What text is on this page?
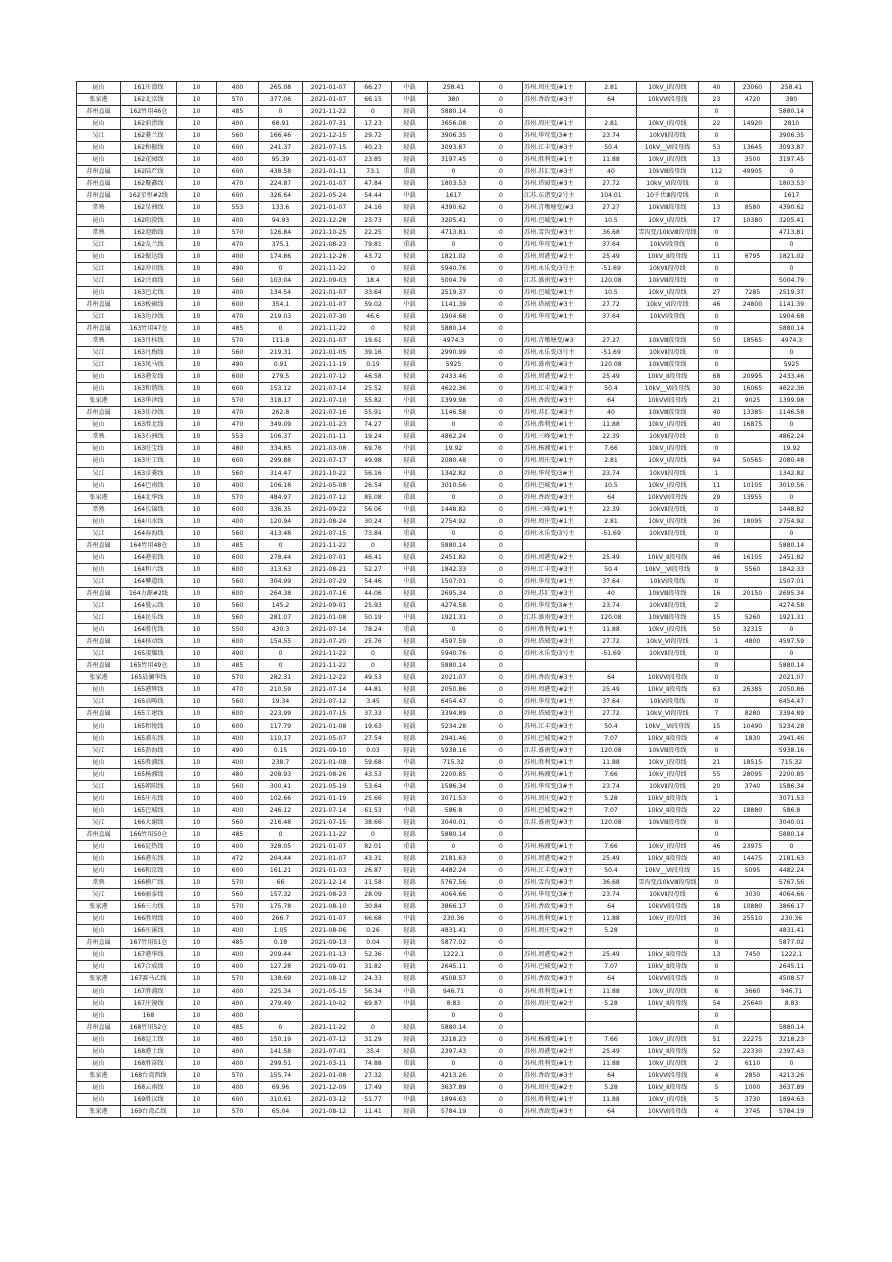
昆山	161庄滑线	10	400	265.08	2021-01-07	66.27	中载	258.41	0	苏州.周庄变/#1主	2.81	10kV_Ⅰ段母线	40	23060	258.41
张家港	162北京线	10	570	377.06	2021-01-07	66.15	中载	380	0	苏州.香政变/#3主	64	10kVⅥ段母线	23	4720	380
苏州直属	162竹用46仓	10	485	0	2021-11-22	0	轻载	5880.14	0				0		5880.14
昆山	162前涝线	10	400	68.91	2021-07-31	17.23	轻载	3656.08	0	苏州.周庄变/#1主	2.81	10kV_Ⅰ段母线	22	14920	2810
吴江	162菱兰线	10	560	166.46	2021-12-15	29.72	轻载	3906.35	0	苏州.华莺变/3#主	23.74	10kVⅡ段母线	0		3906.35
昆山	162和振线	10	600	241.37	2021-07-15	40.23	轻载	3093.87	0	苏州.江丰变/#3主	50.4	10kV__Ⅵ段母线	53	13645	3093.87
昆山	162花园线	10	400	95.39	2021-01-07	23.85	轻载	3197.45	0	苏州.胜利变/#1主	11.88	10kV_Ⅰ段母线	13	3500	3197.45
苏州直属	162陆严线	10	600	438.58	2021-01-11	73.1	重载	0	0	苏州.苏汇变/#3主	40	10kVⅢ段母线	112	49905	0
苏州直属	162聚鑫线	10	470	224.87	2021-01-07	47.84	轻载	1803.53	0	苏州.塔园变/#3主	27.72	10kV_Ⅵ段母线	0		1803.53
苏州直属	162星恒#2线	10	600	326.64	2021-05-24	54.44	中载	1617	0	江苏.东诸变/2号主	104.01	10千伏Ⅲ段母线	0		1617
常熟	162星洲线	10	553	133.6	2021-01-07	24.16	轻载	4390.62	0	苏州.青墩塘变/#3	27.27	10kVⅢ段母线	13	8580	4390.62
昆山	162阳澄线	10	400	94.93	2021-12-28	23.73	轻载	3205.41	0	苏州.巴城变/#1主	10.5	10kV_Ⅰ段母线	17	10380	3205.41
常熟	162迎路线	10	570	126.84	2021-10-25	22.25	轻载	4713.81	0	苏州.雪沟变/#3主	36.68	雪沟变/10kVⅢ段母线	0		4713.81
吴江	162友兰线	10	470	375.1	2021-08-23	79.81	重载	0	0	苏州.华莺变/#1主	37.64	10kVⅠ段母线	0		0
昆山	162振达线	10	400	174.86	2021-12-28	43.72	轻载	1821.02	0	苏州.周港变/#2主	25.49	10kV_Ⅱ段母线	11	6795	1821.02
吴江	162冲田线	10	490	0	2021-11-22	0	轻载	5940.76	0	苏州.永乐变/3号主	-51.69	10kVⅡ段母线	0		0
吴江	162兴商线	10	560	103.04	2021-09-03	18.4	轻载	5004.79	0	江苏.盛南变/#3主	120.08	10kVⅢ段母线	0		5004.79
昆山	163巴北线	10	400	134.54	2021-01-07	33.64	轻载	2519.37	0	苏州.巴城变/#1主	10.5	10kV_Ⅰ段母线	27	7285	2519.37
苏州直属	163板硕线	10	600	354.1	2021-01-07	59.02	中载	1141.39	0	苏州.塔园变/#3主	27.72	10kV_Ⅵ段母线	46	24800	1141.39
吴江	163达沙线	10	470	219.03	2021-07-30	46.6	轻载	1904.68	0	苏州.华莺变/#1主	37.64	10kVⅠ段母线	0		1904.68
苏州直属	163竹用47仓	10	485	0	2021-11-22	0	轻载	5880.14	0				0		5880.14
常熟	163丹桂线	10	570	111.8	2021-01-07	19.61	轻载	4974.3	0	苏州.青墩塘变/#3	27.27	10kVⅢ段母线	50	18565	4974.3
吴江	163凡梅线	10	560	219.31	2021-01-05	39.16	轻载	2990.99	0	苏州.永乐变/3号主	-51.69	10kVⅡ段母线	0		0
吴江	163凤马线	10	490	0.91	2021-11-19	0.19	轻载	5925	0	苏州.盛南变/#3主	120.08	10kVⅢ段母线	0		5925
昆山	163港安线	10	600	279.5	2021-07-12	46.58	轻载	2433.46	0	苏州.周港变/#2主	25.49	10kV_Ⅱ段母线	68	20995	2433.46
昆山	163和谐线	10	600	153.12	2021-07-14	25.52	轻载	4622.36	0	苏州.江丰变/#3主	50.4	10kV__Ⅵ段母线	30	16065	4622.36
张家港	163华泽线	10	570	318.17	2021-07-10	55.82	中载	1399.98	0	苏州.香政变/#3主	64	10kVⅥ段母线	21	9025	1399.98
苏州直属	163佳沙线	10	470	262.8	2021-07-16	55.91	中载	1146.58	0	苏州.苏汇变/#3主	40	10kVⅢ段母线	40	13385	1146.58
昆山	163胜北线	10	470	349.09	2021-01-23	74.27	重载	0	0	苏州.胜利变/#1主	11.88	10kV_Ⅰ段母线	40	16875	0
常熟	163石洲线	10	553	106.37	2021-01-11	19.24	轻载	4862.24	0	苏州.三峰变/#1主	22.39	10kVⅡ段母线	0		4862.24
昆山	163旺宝线	10	480	334.85	2021-03-08	69.76	中载	19.92	0	苏州.杨湘变/#1主	7.66	10kV_Ⅰ段母线	0		19.92
昆山	163庄工线	10	600	299.88	2021-07-17	49.98	轻载	2080.48	0	苏州.周庄变/#1主	2.81	10kV_Ⅰ段母线	94	50565	2080.48
吴江	163卓菱线	10	560	314.47	2021-10-22	56.16	中载	1342.82	0	苏州.华莺变/3#主	23.74	10kVⅡ段母线	1		1342.82
昆山	164巴南线	10	400	106.18	2021-05-08	26.54	轻载	3010.56	0	苏州.巴城变/#1主	10.5	10kV_Ⅰ段母线	11	10105	3010.56
张家港	164北华线	10	570	484.97	2021-07-12	85.08	重载	0	0	苏州.香政变/#3主	64	10kVⅥ段母线	29	13955	0
常熟	164长锦线	10	600	336.35	2021-09-22	56.06	中载	1448.82	0	苏州.三峰变/#1主	22.39	10kVⅡ段母线	0		1448.82
昆山	164川水线	10	400	120.94	2021-08-24	30.24	轻载	2754.92	0	苏州.周庄变/#1主	2.81	10kV_Ⅰ段母线	36	18095	2754.92
吴江	164春海线	10	560	413.48	2021-07-15	73.84	重载	0	0	苏州.永乐变/3号主	-51.69	10kVⅡ段母线	0		0
苏州直属	164竹用48仓	10	485	0	2021-11-22	0	轻载	5880.14	0				0		5880.14
昆山	164港宏线	10	600	278.44	2021-07-01	46.41	轻载	2451.82	0	苏州.周港变/#2主	25.49	10kV_Ⅱ段母线	46	16105	2451.82
昆山	164和六线	10	600	313.63	2021-08-21	52.27	中载	1842.33	0	苏州.江丰变/#3主	50.4	10kV__Ⅵ段母线	9	5560	1842.33
吴江	164攀道线	10	560	304.99	2021-07-29	54.46	中载	1507.01	0	苏州.华莺变/#1主	37.64	10kVⅠ段母线	0		1507.01
苏州直属	164力源#2线	10	600	264.38	2021-07-16	44.06	轻载	2695.34	0	苏州.苏汇变/#3主	40	10kVⅢ段母线	16	20150	2695.34
吴江	164曼云线	10	560	145.2	2021-09-01	25.93	轻载	4274.58	0	苏州.华莺变/3#主	23.74	10kVⅡ段母线	2		4274.58
吴江	164民乐线	10	560	281.07	2021-01-08	50.19	中载	1921.31	0	江苏.盛南变/#3主	120.08	10kVⅢ段母线	15	5260	1921.31
昆山	164胜优线	10	550	430.3	2021-07-14	78.24	重载	0	0	苏州.胜利变/#1主	11.88	10kV_Ⅰ段母线	50	32315	0
苏州直属	164移动线	10	600	154.55	2021-07-20	25.76	轻载	4597.59	0	苏州.塔园变/#3主	27.72	10kV_Ⅵ段母线	1	4800	4597.59
吴江	165凌耀线	10	490	0	2021-11-22	0	轻载	5940.76	0	苏州.永乐变/3号主	-51.69	10kVⅡ段母线	0		0
苏州直属	165竹用49仓	10	485	0	2021-11-22	0	轻载	5880.14	0				0		5880.14
张家港	165晨澜华线	10	570	282.31	2021-12-22	49.53	轻载	2021.07	0	苏州.香政变/#3主	64	10kVⅥ段母线	0		2021.07
昆山	165港辉线	10	470	210.59	2021-07-14	44.81	轻载	2050.86	0	苏州.周港变/#2主	25.49	10kV_Ⅱ段母线	63	26385	2050.86
吴江	165高畴线	10	560	19.34	2021-07-12	3.45	轻载	6454.47	0	苏州.华莺变/#1主	37.64	10kVⅠ段母线	0		6454.47
苏州直属	165工建线	10	600	223.99	2021-07-15	37.33	轻载	3394.89	0	苏州.塔园变/#3主	27.72	10kV_Ⅵ段母线	7	8280	3394.89
昆山	165和悦线	10	600	117.79	2021-01-08	19.63	轻载	5234.28	0	苏州.江丰变/#3主	50.4	10kV__Ⅵ段母线	15	10490	5234.28
昆山	165浦东线	10	400	110.17	2021-05-07	27.54	轻载	2941.46	0	苏州.巴城变/#2主	7.07	10kV_Ⅱ段母线	4	1830	2941.46
吴江	165沥海线	10	490	0.15	2021-09-10	0.03	轻载	5938.16	0	江苏.盛南变/#3主	120.08	10kVⅢ段母线	0		5938.16
昆山	165胜浦线	10	400	238.7	2021-01-08	59.68	中载	715.32	0	苏州.胜利变/#1主	11.88	10kV_Ⅰ段母线	21	18515	715.32
昆山	165杨湘线	10	480	208.93	2021-08-26	43.53	轻载	2200.85	0	苏州.杨湘变/#1主	7.66	10kV_Ⅰ段母线	55	28095	2200.85
吴江	165朝阳线	10	560	300.41	2021-05-19	53.64	中载	1586.34	0	苏州.华莺变/3#主	23.74	10kVⅡ段母线	20	3740	1586.34
昆山	165庄东线	10	400	102.66	2021-01-19	25.66	轻载	3071.53	0	苏州.周庄变/#2主	5.28	10kV_Ⅱ段母线	1		3071.53
昆山	165巴城线	10	400	246.12	2021-07-14	61.53	中载	586.8	0	苏州.巴城变/#2主	7.07	10kV_Ⅱ段母线	22	18880	586.8
吴江	166大谢线	10	560	216.48	2021-07-15	38.66	轻载	3040.01	0	江苏.盛南变/#3主	120.08	10kVⅢ段母线	0		3040.01
苏州直属	166竹用50仓	10	485	0	2021-11-22	0	轻载	5880.14	0				0		5880.14
昆山	166淀热线	10	400	328.05	2021-01-07	82.01	重载	0	0	苏州.杨湘变/#1主	7.66	10kV_Ⅰ段母线	46	23975	0
昆山	166港东线	10	472	204.44	2021-01-07	43.31	轻载	2181.63	0	苏州.周港变/#2主	25.49	10kV_Ⅱ段母线	40	14475	2181.63
昆山	166和京线	10	600	161.21	2021-01-03	26.87	轻载	4482.24	0	苏州.江丰变/#3主	50.4	10kV__Ⅵ段母线	15	5095	4482.24
常熟	166横广线	10	570	66	2021-12-14	11.58	轻载	5767.56	0	苏州.雪沟变/#3主	36.68	雪沟变/10kVⅢ段母线	0		5767.56
吴江	166丽泰线	10	560	157.32	2021-08-23	28.09	轻载	4064.66	0	苏州.华莺变/3#主	23.74	10kVⅡ段母线	6	3030	4064.66
张家港	166三力线	10	570	175.78	2021-08-10	30.84	轻载	3866.17	0	苏州.香政变/#3主	64	10kVⅥ段母线	18	10880	3866.17
昆山	166胜周线	10	400	266.7	2021-01-07	66.68	中载	230.36	0	苏州.胜利变/#1主	11.88	10kV_Ⅰ段母线	36	25510	230.36
昆山	166庄溪线	10	400	1.05	2021-08-06	0.26	轻载	4831.41	0	苏州.周庄变/#2主	5.28		0		4831.41
苏州直属	167竹用51仓	10	485	0.18	2021-09-13	0.04	轻载	5877.02	0				0		5877.02
昆山	167港华线	10	400	209.44	2021-01-13	52.36	中载	1222.1	0	苏州.周港变/#2主	25.49	10kV_Ⅱ段母线	13	7450	1222.1
昆山	167合成线	10	400	127.28	2021-09-01	31.82	轻载	2645.11	0	苏州.巴城变/#2主	7.07	10kV_Ⅱ段母线	0		2645.11
张家港	167赛马乙线	10	570	138.69	2021-08-12	24.33	轻载	4508.57	0	苏州.香政变/#3主	64	10kVⅥ段母线	0		4508.57
昆山	167胜浦线	10	400	225.34	2021-05-15	56.34	中载	946.71	0	苏州.胜利变/#1主	11.88	10kV_Ⅰ段母线	6	3660	946.71
昆山	167庄镜线	10	400	279.49	2021-10-02	69.87	中载	8.83	0	苏州.周庄变/#2主	5.28	10kV_Ⅱ段母线	54	25640	8.83
昆山	168	10	400					0	0				0		
苏州直属	168竹用52仓	10	485	0	2021-11-22	0	轻载	5880.14	0				0		5880.14
昆山	168淀工线	10	480	150.19	2021-07-12	31.29	轻载	3218.23	0	苏州.杨湘变/#1主	7.66	10kV_Ⅰ段母线	51	22275	3218.23
昆山	168港士线	10	400	141.58	2021-07-01	35.4	轻载	2397.43	0	苏州.周港变/#2主	25.49	10kV_Ⅱ段母线	52	22330	2397.43
昆山	168胜奋线	10	400	299.51	2021-03-11	74.88	重载	0	0	苏州.胜利变/#1主	11.88	10kV_Ⅰ段母线	2	6110	0
张家港	168台湾西线	10	570	155.74	2021-01-08	27.32	轻载	4213.26	0	苏州.香政变/#3主	64	10kVⅥ段母线	4	2850	4213.26
昆山	168云南线	10	400	69.96	2021-12-09	17.49	轻载	3637.89	0	苏州.周庄变/#2主	5.28	10kV_Ⅱ段母线	5	1000	3637.89
昆山	169胜汉线	10	600	310.61	2021-03-12	51.77	中载	1894.63	0	苏州.胜利变/#1主	11.88	10kV_Ⅰ段母线	5	3730	1894.63
张家港	169台湾乙线	10	570	65.04	2021-08-12	11.41	轻载	5784.19	0	苏州.香政变/#3主	64	10kVⅥ段母线	4	3745	5784.19
